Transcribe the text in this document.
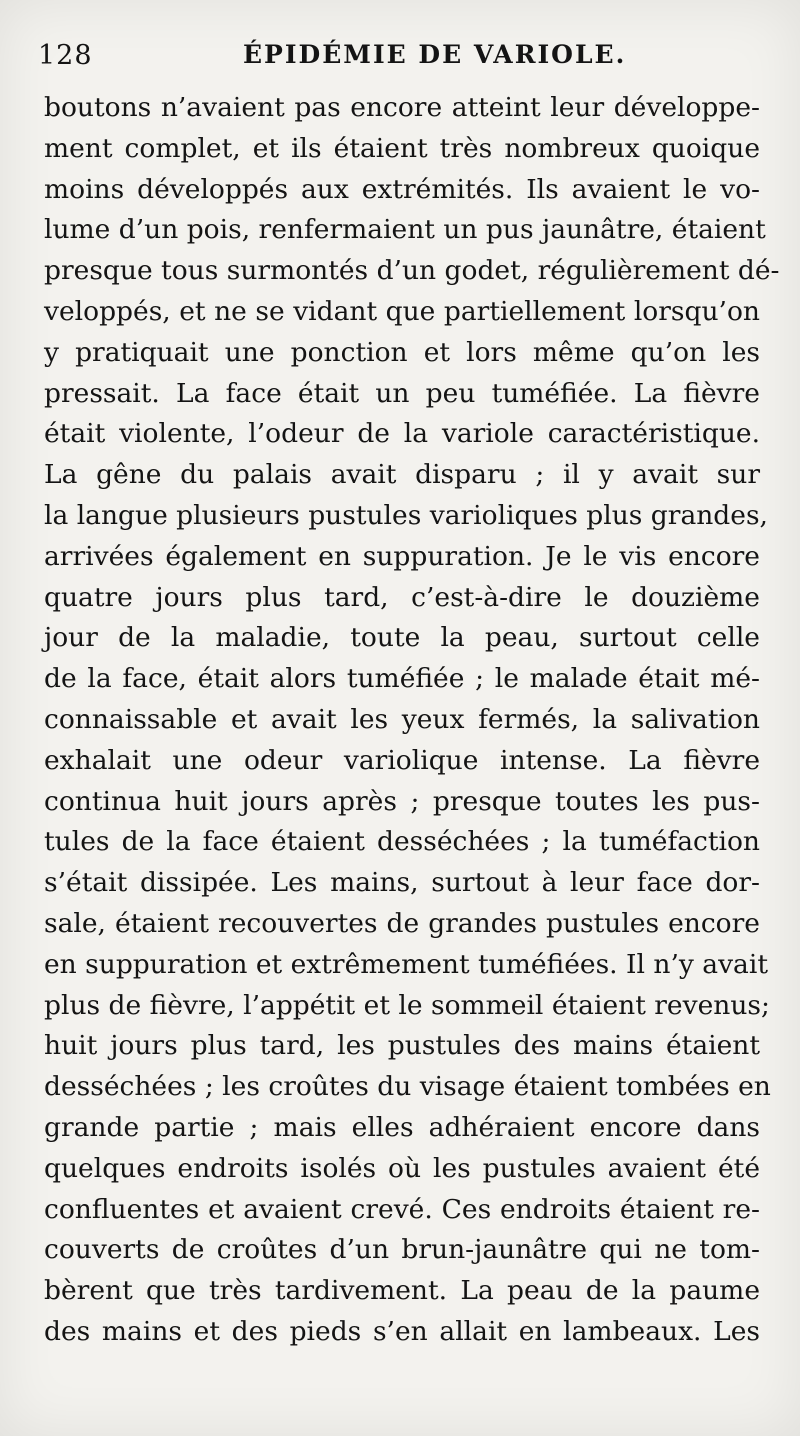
128	ÉPIDÉMIE DE VARIOLE.
boutons n’avaient pas encore atteint leur développe-
ment complet, et ils étaient très nombreux quoique
moins développés aux extrémités. Ils avaient le vo-
lume d’un pois, renfermaient un pus jaunâtre, étaient
presque tous surmontés d’un godet, régulièrement dé-
veloppés, et ne se vidant que partiellement lorsqu’on
y pratiquait une ponction et lors même qu’on les
pressait. La face était un peu tuméfiée. La fièvre
était violente, l’odeur de la variole caractéristique.
La gêne du palais avait disparu ; il y avait sur
la langue plusieurs pustules varioliques plus grandes,
arrivées également en suppuration. Je le vis encore
quatre jours plus tard, c’est-à-dire le douzième
jour de la maladie, toute la peau, surtout celle
de la face, était alors tuméfiée ; le malade était mé-
connaissable et avait les yeux fermés, la salivation
exhalait une odeur variolique intense. La fièvre
continua huit jours après ; presque toutes les pus-
tules de la face étaient desséchées ; la tuméfaction
s’était dissipée. Les mains, surtout à leur face dor-
sale, étaient recouvertes de grandes pustules encore
en suppuration et extrêmement tuméfiées. Il n’y avait
plus de fièvre, l’appétit et le sommeil étaient revenus;
huit jours plus tard, les pustules des mains étaient
desséchées ; les croûtes du visage étaient tombées en
grande partie ; mais elles adhéraient encore dans
quelques endroits isolés où les pustules avaient été
confluentes et avaient crevé. Ces endroits étaient re-
couverts de croûtes d’un brun-jaunâtre qui ne tom-
bèrent que très tardivement. La peau de la paume
des mains et des pieds s’en allait en lambeaux. Les
